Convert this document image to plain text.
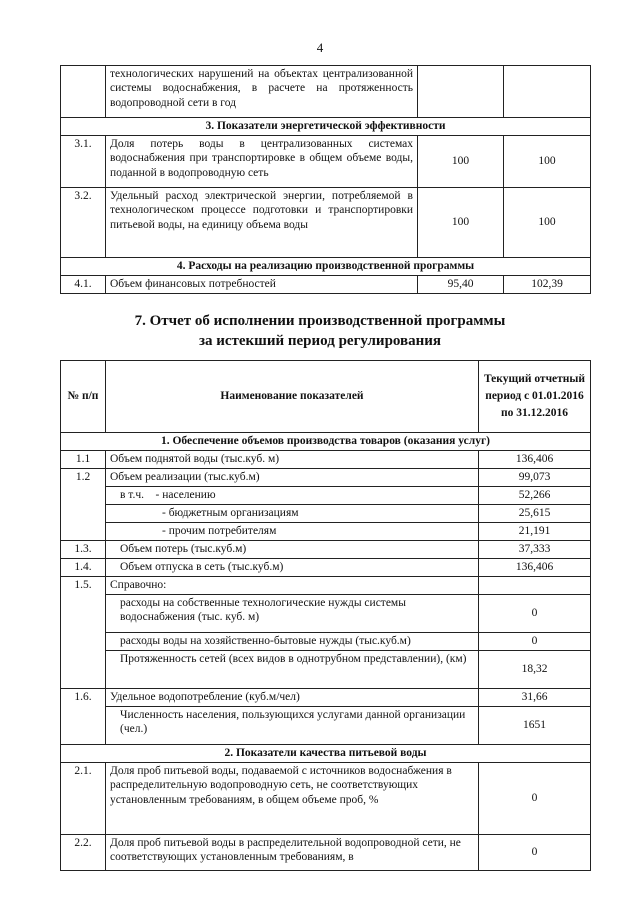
4
	технологических нарушений на объектах централизованной системы водоснабжения, в расчете на протяженность водопроводной сети в год		
3. Показатели энергетической эффективности			
3.1.	Доля потерь воды в централизованных системах водоснабжения при транспортировке в общем объеме воды, поданной в водопроводную сеть	100	100
3.2.	Удельный расход электрической энергии, потребляемой в технологическом процессе подготовки и транспортировки питьевой воды, на единицу объема воды	100	100
4. Расходы на реализацию производственной программы			
4.1.	Объем финансовых потребностей	95,40	102,39
7. Отчет об исполнении производственной программы
за истекший период регулирования
№ п/п	Наименование показателей	Текущий отчетный период с 01.01.2016 по 31.12.2016
1. Обеспечение объемов производства товаров (оказания услуг)		
1.1	Объем поднятой воды (тыс.куб. м)	136,406
1.2	Объем реализации (тыс.куб.м)	99,073
	в т.ч.    - населению	52,266
	- бюджетным организациям	25,615
	- прочим потребителям	21,191
1.3.	Объем потерь (тыс.куб.м)	37,333
1.4.	Объем отпуска в сеть (тыс.куб.м)	136,406
1.5.	Справочно:	
	расходы на собственные технологические нужды системы водоснабжения (тыс. куб. м)	0
	расходы воды на хозяйственно-бытовые нужды (тыс.куб.м)	0
	Протяженность сетей (всех видов в однотрубном представлении), (км)	18,32
1.6.	Удельное водопотребление (куб.м/чел)	31,66
	Численность населения, пользующихся услугами данной организации (чел.)	1651
2. Показатели качества питьевой воды		
2.1.	Доля проб питьевой воды, подаваемой с источников водоснабжения в распределительную водопроводную сеть, не соответствующих установленным требованиям, в общем объеме проб, %	0
2.2.	Доля проб питьевой воды в распределительной водопроводной сети, не соответствующих установленным требованиям, в	0
